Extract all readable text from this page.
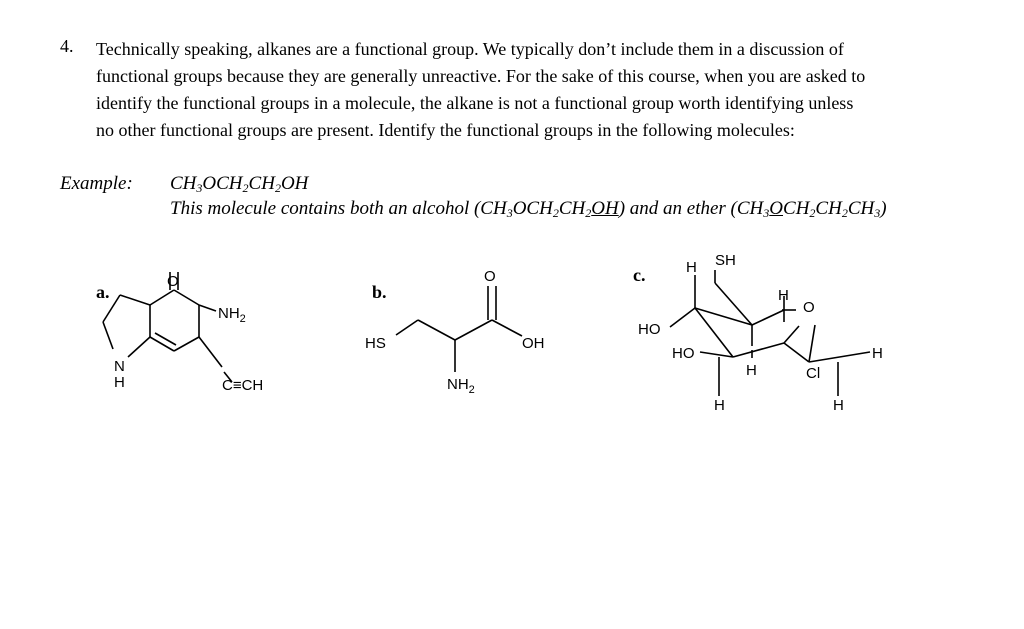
4. Technically speaking, alkanes are a functional group. We typically don’t include them in a discussion of
functional groups because they are generally unreactive. For the sake of this course, when you are asked to
identify the functional groups in a molecule, the alkane is not a functional group worth identifying unless
no other functional groups are present. Identify the functional groups in the following molecules:
Example: $CH_3OCH_2CH_2OH$
This molecule contains both an alcohol $(CH_3OCH_2CH_2OH)$ and an ether $(CH_3OCH_2CH_2CH_3)$
a.	b.
c.
O
$NH_2$
N
H	C≡CH
O
HS	OH
$NH_2$
SH
H
H
O
HO
HO	H
H	Cl
H	H
